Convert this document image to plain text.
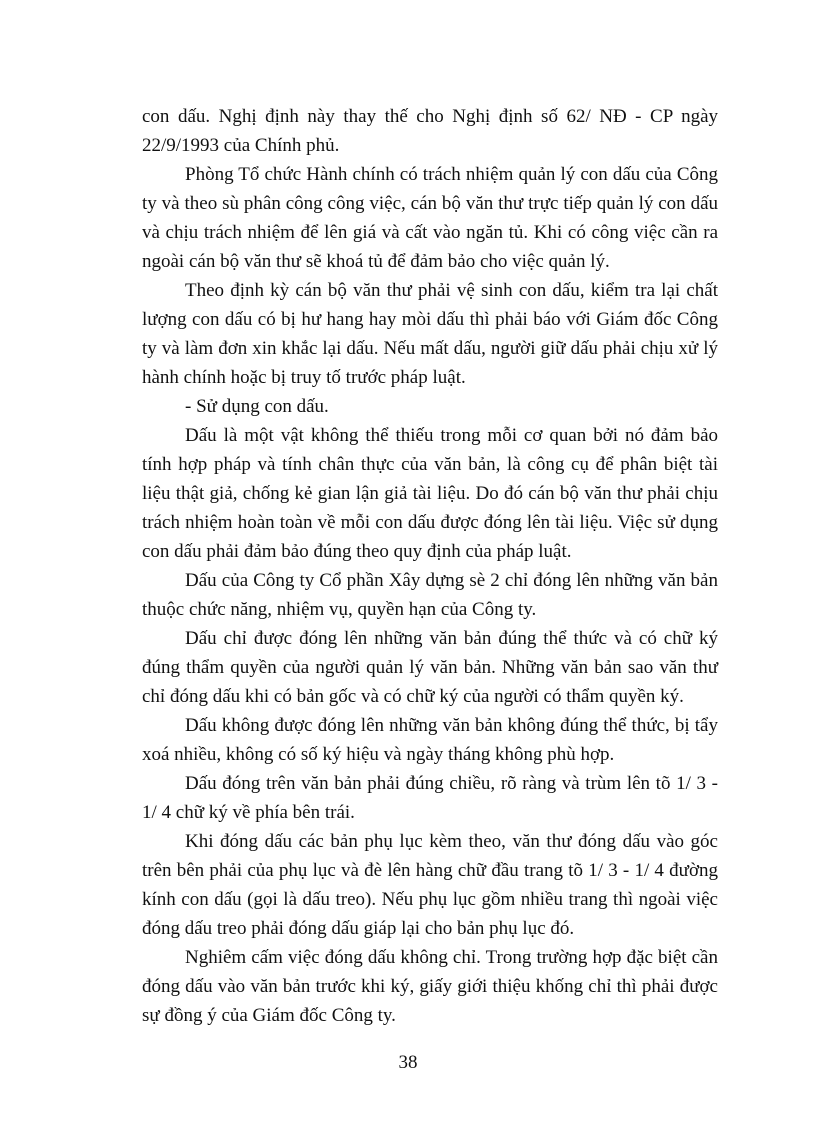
con dấu. Nghị định này thay thế cho Nghị định số 62/ NĐ - CP ngày 22/9/1993 của Chính phủ.

Phòng Tổ chức Hành chính có trách nhiệm quản lý con dấu của Công ty và theo sù phân công công việc, cán bộ văn thư trực tiếp quản lý con dấu và chịu trách nhiệm để lên giá và cất vào ngăn tủ. Khi có công việc cần ra ngoài cán bộ văn thư sẽ khoá tủ để đảm bảo cho việc quản lý.

Theo định kỳ cán bộ văn thư phải vệ sinh con dấu, kiểm tra lại chất lượng con dấu có bị hư hang hay mòi dấu thì phải báo với Giám đốc Công ty và làm đơn xin khắc lại dấu. Nếu mất dấu, người giữ dấu phải chịu xử lý hành chính hoặc bị truy tố trước pháp luật.

- Sử dụng con dấu.

Dấu là một vật không thể thiếu trong mỗi cơ quan bởi nó đảm bảo tính hợp pháp và tính chân thực của văn bản, là công cụ để phân biệt tài liệu thật giả, chống kẻ gian lận giả tài liệu. Do đó cán bộ văn thư phải chịu trách nhiệm hoàn toàn về mỗi con dấu được đóng lên tài liệu. Việc sử dụng con dấu phải đảm bảo đúng theo quy định của pháp luật.

Dấu của Công ty Cổ phần Xây dựng sè 2 chỉ đóng lên những văn bản thuộc chức năng, nhiệm vụ, quyền hạn của Công ty.

Dấu chỉ được đóng lên những văn bản đúng thể thức và có chữ ký đúng thẩm quyền của người quản lý văn bản. Những văn bản sao văn thư chỉ đóng dấu khi có bản gốc và có chữ ký của người có thẩm quyền ký.

Dấu không được đóng lên những văn bản không đúng thể thức, bị tẩy xoá nhiều, không có số ký hiệu và ngày tháng không phù hợp.

Dấu đóng trên văn bản phải đúng chiều, rõ ràng và trùm lên tõ 1/ 3 - 1/ 4 chữ ký về phía bên trái.

Khi đóng dấu các bản phụ lục kèm theo, văn thư đóng dấu vào góc trên bên phải của phụ lục và đè lên hàng chữ đầu trang tõ 1/ 3 - 1/ 4 đường kính con dấu (gọi là dấu treo). Nếu phụ lục gồm nhiều trang thì ngoài việc đóng dấu treo phải đóng dấu giáp lại cho bản phụ lục đó.

Nghiêm cấm việc đóng dấu không chỉ. Trong trường hợp đặc biệt cần đóng dấu vào văn bản trước khi ký, giấy giới thiệu khống chỉ thì phải được sự đồng ý của Giám đốc Công ty.

38
